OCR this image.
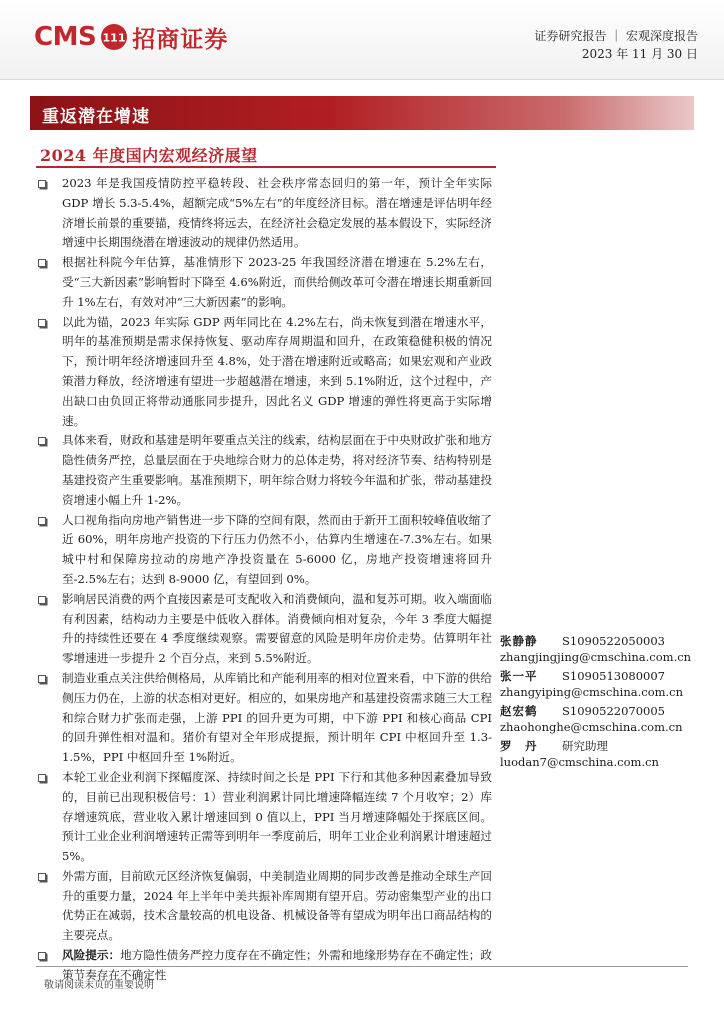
CMS 111 招商证券	证券研究报告 ｜ 宏观深度报告
2023 年 11 月 30 日
重返潜在增速
2024 年度国内宏观经济展望
2023 年是我国疫情防控平稳转段、社会秩序常态回归的第一年，预计全年实际 GDP 增长 5.3-5.4%，超额完成“5%左右”的年度经济目标。潜在增速是评估明年经济增长前景的重要锚，疫情终将远去，在经济社会稳定发展的基本假设下，实际经济增速中长期围绕潜在增速波动的规律仍然适用。
根据社科院今年估算，基准情形下 2023-25 年我国经济潜在增速在 5.2%左右，受“三大新因素”影响暂时下降至 4.6%附近，而供给侧改革可令潜在增速长期重新回升 1%左右，有效对冲“三大新因素”的影响。
以此为锚，2023 年实际 GDP 两年同比在 4.2%左右，尚未恢复到潜在增速水平，明年的基准预期是需求保持恢复、驱动库存周期温和回升，在政策稳健积极的情况下，预计明年经济增速回升至 4.8%，处于潜在增速附近或略高；如果宏观和产业政策潜力释放，经济增速有望进一步超越潜在增速，来到 5.1%附近，这个过程中，产出缺口由负回正将带动通胀同步提升，因此名义 GDP 增速的弹性将更高于实际增速。
具体来看，财政和基建是明年要重点关注的线索，结构层面在于中央财政扩张和地方隐性债务严控，总量层面在于央地综合财力的总体走势，将对经济节奏、结构特别是基建投资产生重要影响。基准预期下，明年综合财力将较今年温和扩张，带动基建投资增速小幅上升 1-2%。
人口视角指向房地产销售进一步下降的空间有限，然而由于新开工面积较峰值收缩了近 60%，明年房地产投资的下行压力仍然不小，估算内生增速在-7.3%左右。如果城中村和保障房拉动的房地产净投资量在 5-6000 亿，房地产投资增速将回升至-2.5%左右；达到 8-9000 亿，有望回到 0%。
影响居民消费的两个直接因素是可支配收入和消费倾向，温和复苏可期。收入端面临有利因素，结构动力主要是中低收入群体。消费倾向相对复杂，今年 3 季度大幅提升的持续性还要在 4 季度继续观察。需要留意的风险是明年房价走势。估算明年社零增速进一步提升 2 个百分点，来到 5.5%附近。
制造业重点关注供给侧格局，从库销比和产能利用率的相对位置来看，中下游的供给侧压力仍在，上游的状态相对更好。相应的，如果房地产和基建投资需求随三大工程和综合财力扩张而走强，上游 PPI 的回升更为可期，中下游 PPI 和核心商品 CPI 的回升弹性相对温和。猪价有望对全年形成提振，预计明年 CPI 中枢回升至 1.3-1.5%，PPI 中枢回升至 1%附近。
本轮工业企业利润下探幅度深、持续时间之长是 PPI 下行和其他多种因素叠加导致的，目前已出现积极信号：1）营业利润累计同比增速降幅连续 7 个月收窄；2）库存增速筑底，营业收入累计增速回到 0 值以上，PPI 当月增速降幅处于探底区间。预计工业企业利润增速转正需等到明年一季度前后，明年工业企业利润累计增速超过 5%。
外需方面，目前欧元区经济恢复偏弱，中美制造业周期的同步改善是推动全球生产回升的重要力量，2024 年上半年中美共振补库周期有望开启。劳动密集型产业的出口优势正在减弱，技术含量较高的机电设备、机械设备等有望成为明年出口商品结构的主要亮点。
风险提示：地方隐性债务严控力度存在不确定性；外需和地缘形势存在不确定性；政策节奏存在不确定性
张静静 S1090522050003
zhangjingjing@cmschina.com.cn
张一平 S1090513080007
zhangyiping@cmschina.com.cn
赵宏鹤 S1090522070005
zhaohonghe@cmschina.com.cn
罗　丹 研究助理
luodan7@cmschina.com.cn
敬请阅读末页的重要说明
